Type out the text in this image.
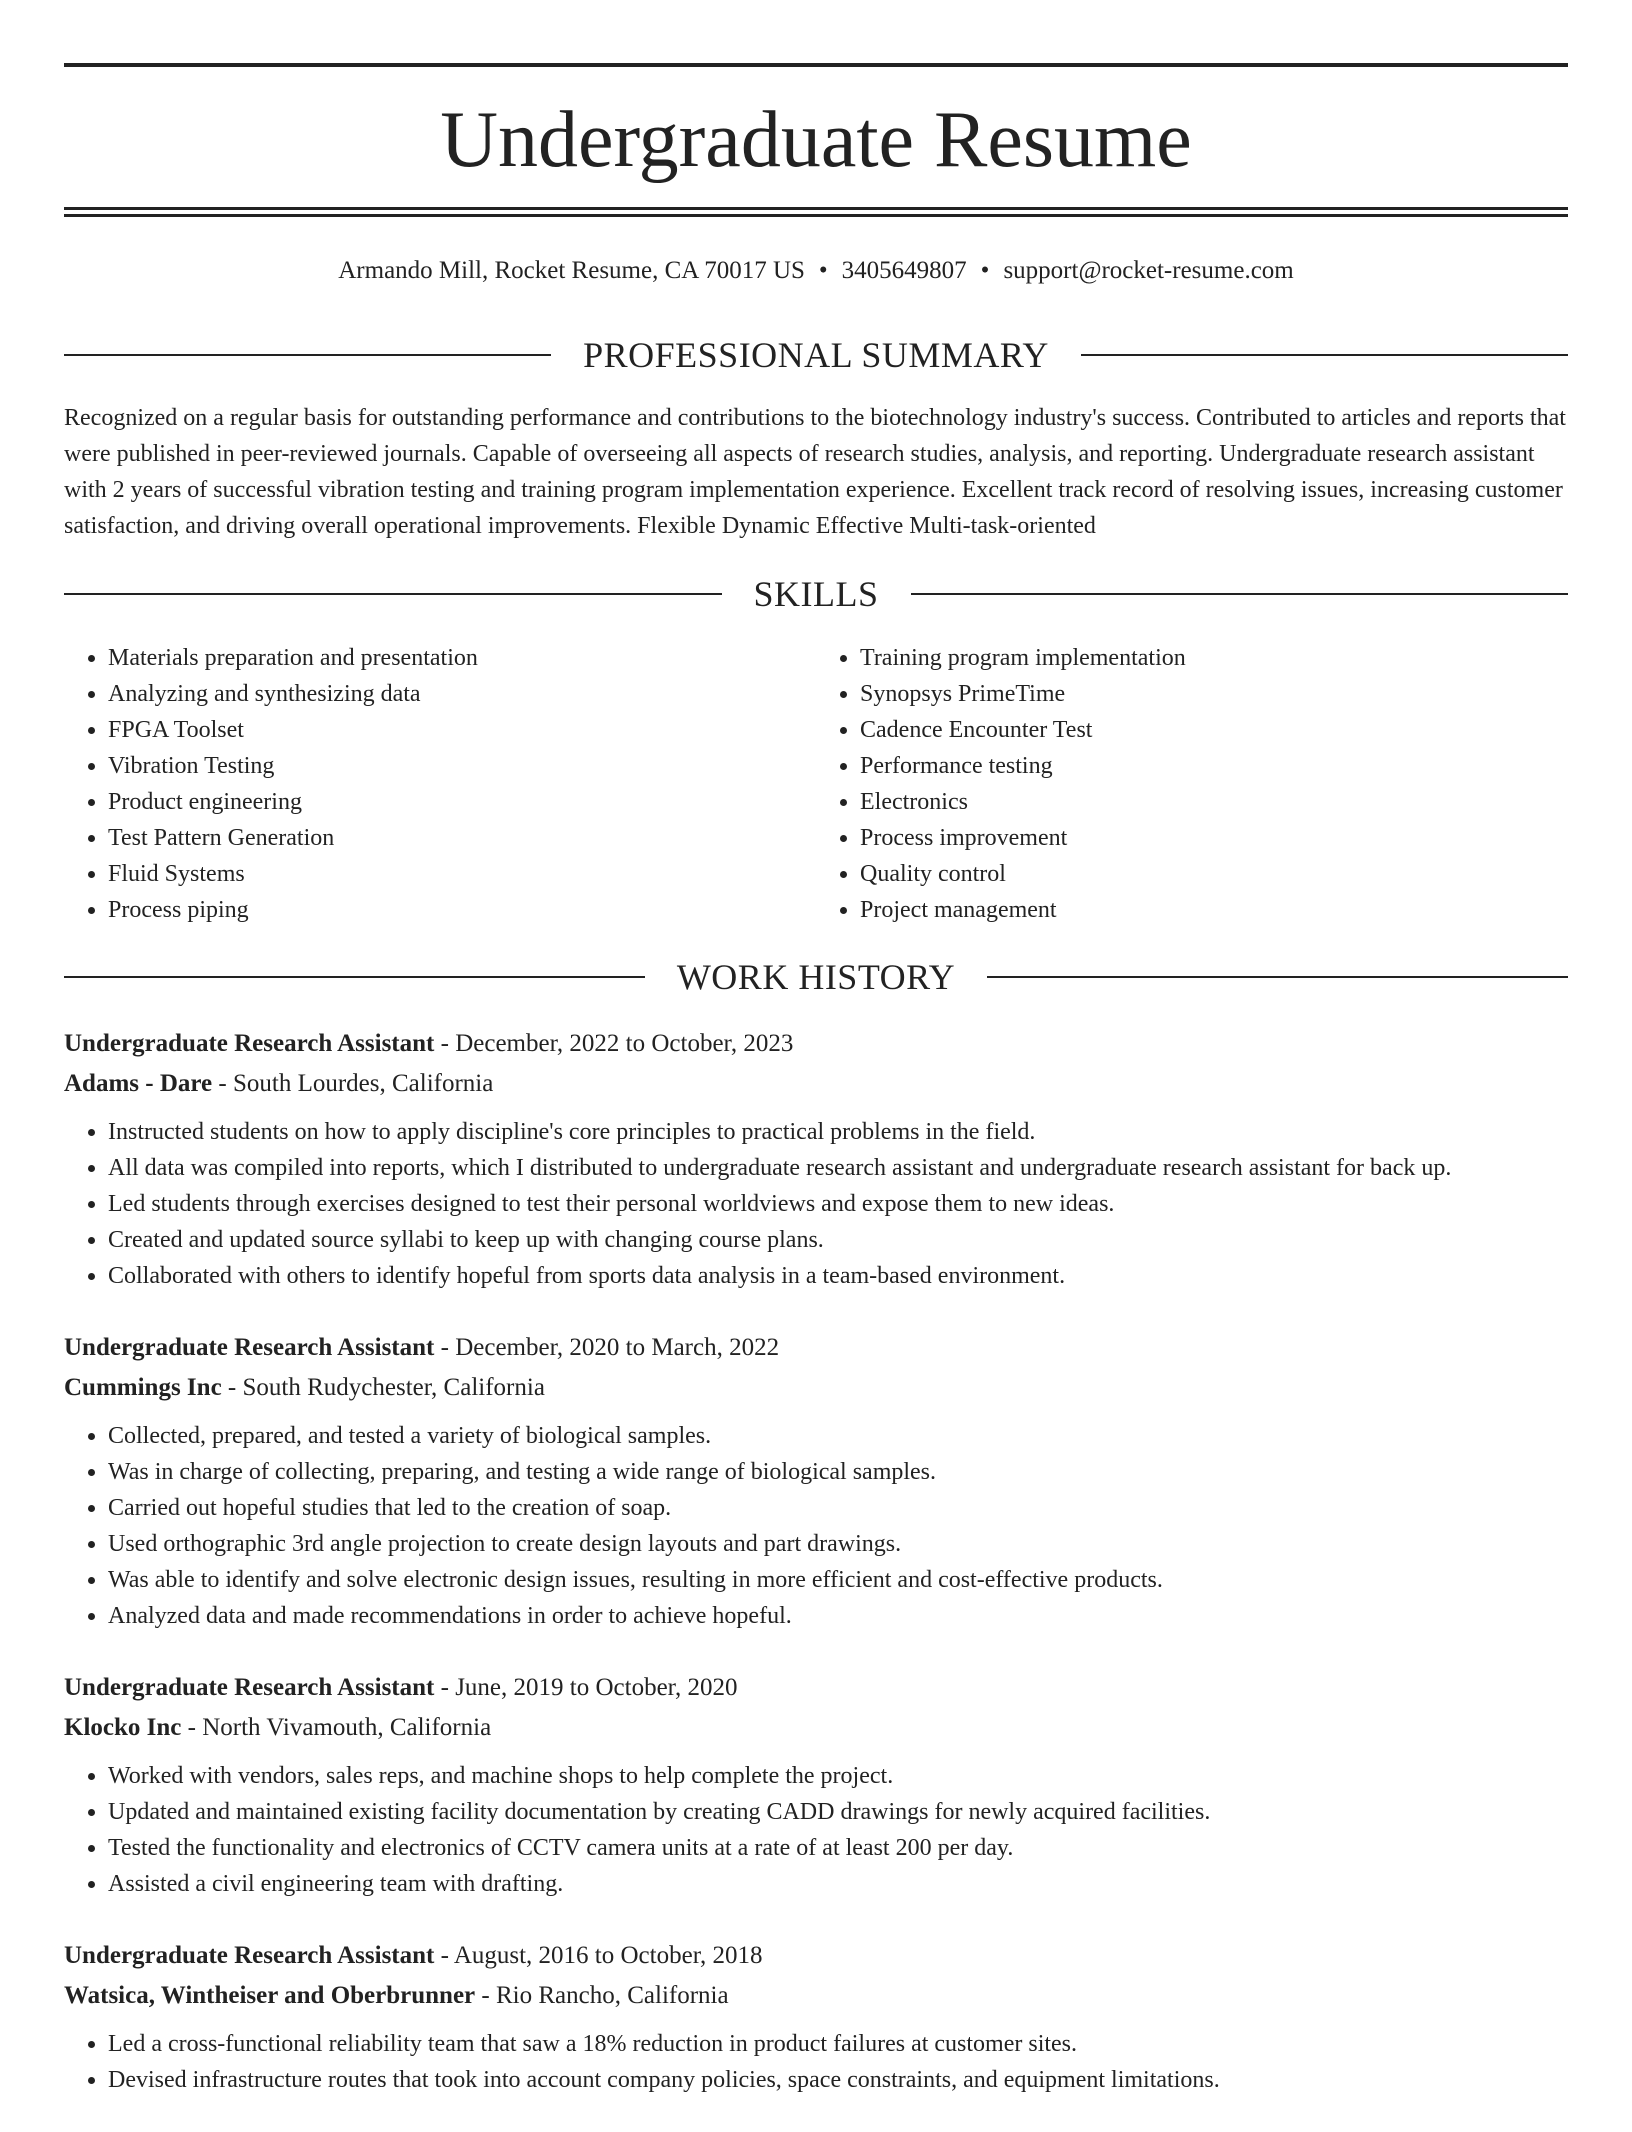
Undergraduate Resume
Armando Mill, Rocket Resume, CA 70017 US • 3405649807 • support@rocket-resume.com
PROFESSIONAL SUMMARY

Recognized on a regular basis for outstanding performance and contributions to the biotechnology industry's success. Contributed to articles and reports that were published in peer-reviewed journals. Capable of overseeing all aspects of research studies, analysis, and reporting. Undergraduate research assistant with 2 years of successful vibration testing and training program implementation experience. Excellent track record of resolving issues, increasing customer satisfaction, and driving overall operational improvements. Flexible Dynamic Effective Multi-task-oriented

SKILLS
• Materials preparation and presentation
• Analyzing and synthesizing data
• FPGA Toolset
• Vibration Testing
• Product engineering
• Test Pattern Generation
• Fluid Systems
• Process piping
• Training program implementation
• Synopsys PrimeTime
• Cadence Encounter Test
• Performance testing
• Electronics
• Process improvement
• Quality control
• Project management
WORK HISTORY
Undergraduate Research Assistant - December, 2022 to October, 2023
Adams - Dare - South Lourdes, California
• Instructed students on how to apply discipline's core principles to practical problems in the field.
• All data was compiled into reports, which I distributed to undergraduate research assistant and undergraduate research assistant for back up.
• Led students through exercises designed to test their personal worldviews and expose them to new ideas.
• Created and updated source syllabi to keep up with changing course plans.
• Collaborated with others to identify hopeful from sports data analysis in a team-based environment.
Undergraduate Research Assistant - December, 2020 to March, 2022
Cummings Inc - South Rudychester, California
• Collected, prepared, and tested a variety of biological samples.
• Was in charge of collecting, preparing, and testing a wide range of biological samples.
• Carried out hopeful studies that led to the creation of soap.
• Used orthographic 3rd angle projection to create design layouts and part drawings.
• Was able to identify and solve electronic design issues, resulting in more efficient and cost-effective products.
• Analyzed data and made recommendations in order to achieve hopeful.
Undergraduate Research Assistant - June, 2019 to October, 2020
Klocko Inc - North Vivamouth, California
• Worked with vendors, sales reps, and machine shops to help complete the project.
• Updated and maintained existing facility documentation by creating CADD drawings for newly acquired facilities.
• Tested the functionality and electronics of CCTV camera units at a rate of at least 200 per day.
• Assisted a civil engineering team with drafting.
Undergraduate Research Assistant - August, 2016 to October, 2018
Watsica, Wintheiser and Oberbrunner - Rio Rancho, California
• Led a cross-functional reliability team that saw a 18% reduction in product failures at customer sites.
• Devised infrastructure routes that took into account company policies, space constraints, and equipment limitations.
